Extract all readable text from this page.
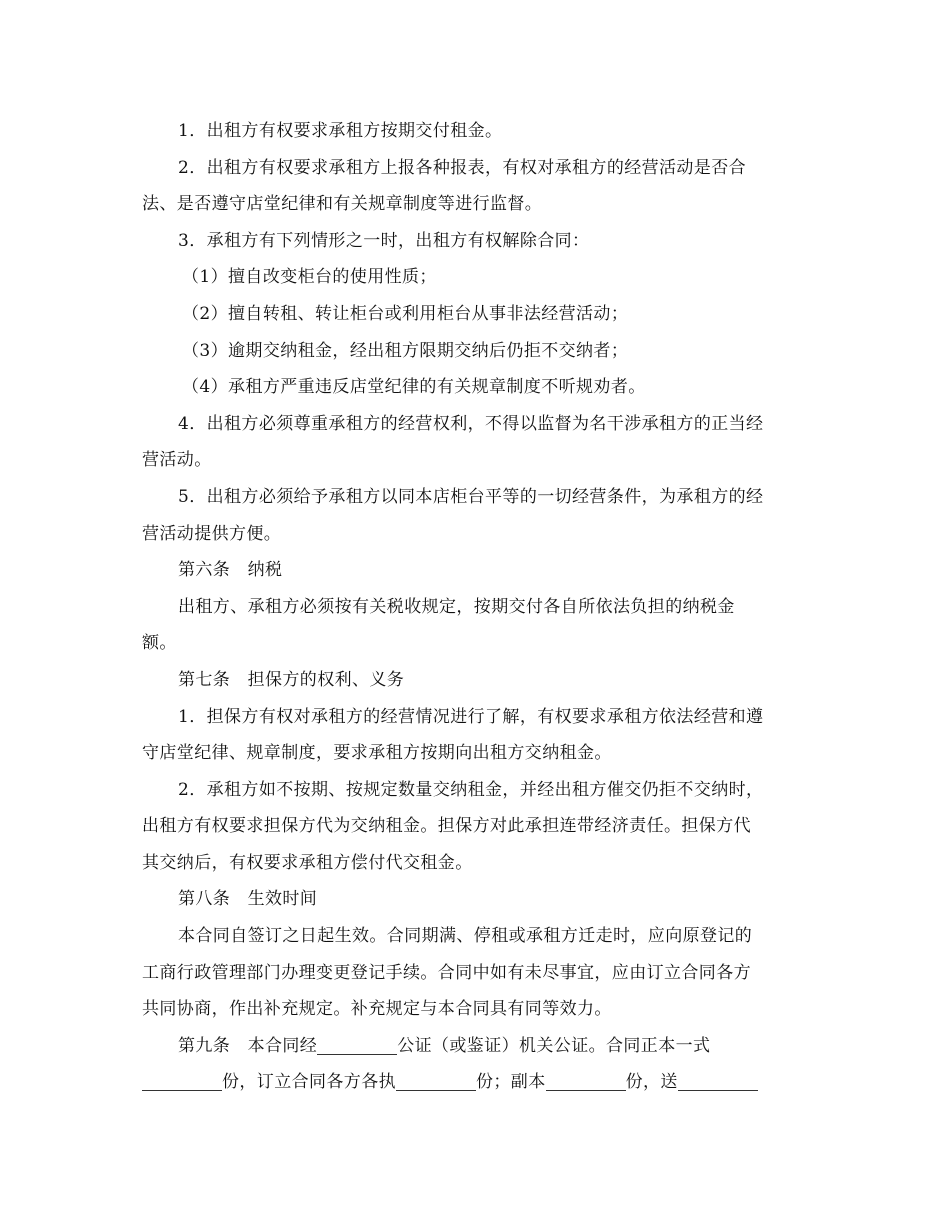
1．出租方有权要求承租方按期交付租金。
2．出租方有权要求承租方上报各种报表，有权对承租方的经营活动是否合
法、是否遵守店堂纪律和有关规章制度等进行监督。
3．承租方有下列情形之一时，出租方有权解除合同：
（1）擅自改变柜台的使用性质；
（2）擅自转租、转让柜台或利用柜台从事非法经营活动；
（3）逾期交纳租金，经出租方限期交纳后仍拒不交纳者；
（4）承租方严重违反店堂纪律的有关规章制度不听规劝者。
4．出租方必须尊重承租方的经营权利，不得以监督为名干涉承租方的正当经
营活动。
5．出租方必须给予承租方以同本店柜台平等的一切经营条件，为承租方的经
营活动提供方便。
第六条　纳税
出租方、承租方必须按有关税收规定，按期交付各自所依法负担的纳税金
额。
第七条　担保方的权利、义务
1．担保方有权对承租方的经营情况进行了解，有权要求承租方依法经营和遵
守店堂纪律、规章制度，要求承租方按期向出租方交纳租金。
2．承租方如不按期、按规定数量交纳租金，并经出租方催交仍拒不交纳时，
出租方有权要求担保方代为交纳租金。担保方对此承担连带经济责任。担保方代
其交纳后，有权要求承租方偿付代交租金。
第八条　生效时间
本合同自签订之日起生效。合同期满、停租或承租方迁走时，应向原登记的
工商行政管理部门办理变更登记手续。合同中如有未尽事宜，应由订立合同各方
共同协商，作出补充规定。补充规定与本合同具有同等效力。
第九条　本合同经	公证（或鉴证）机关公证。合同正本一式
份，订立合同各方各执	份；副本	份，送
